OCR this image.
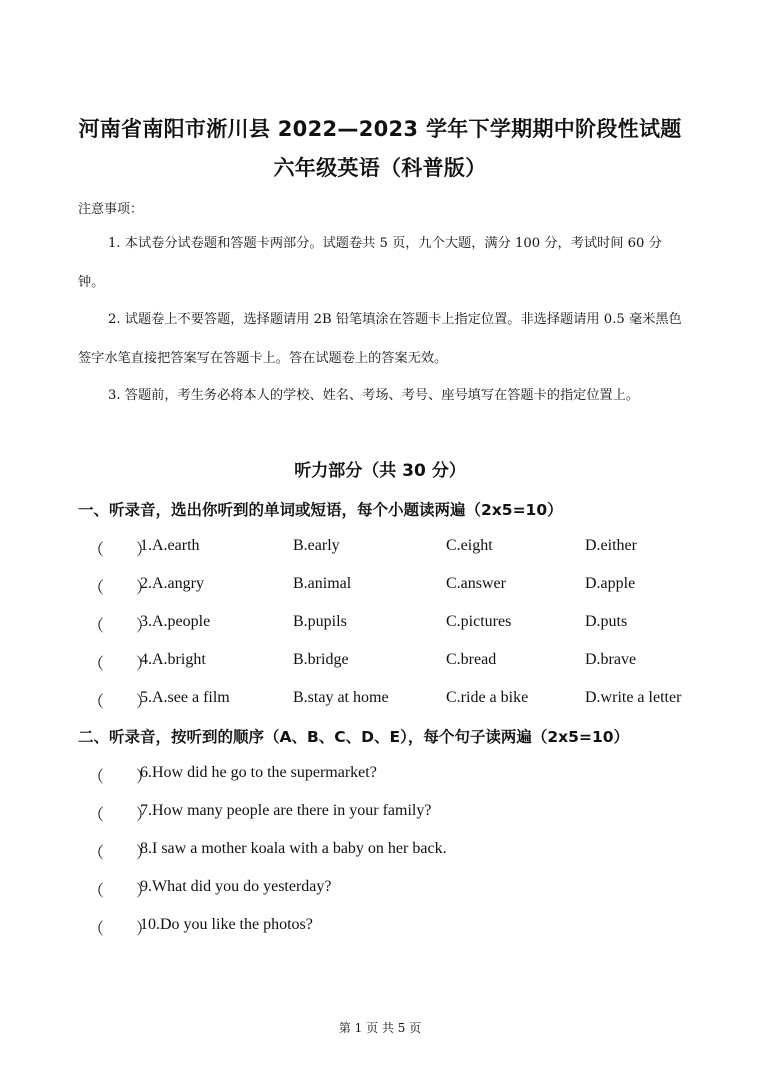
河南省南阳市淅川县 2022—2023 学年下学期期中阶段性试题
六年级英语（科普版）
注意事项：
1. 本试卷分试卷题和答题卡两部分。试题卷共 5 页，九个大题，满分 100 分，考试时间 60 分钟。
2. 试题卷上不要答题，选择题请用 2B 铅笔填涂在答题卡上指定位置。非选择题请用 0.5 毫米黑色签字水笔直接把答案写在答题卡上。答在试题卷上的答案无效。
3. 答题前，考生务必将本人的学校、姓名、考场、考号、座号填写在答题卡的指定位置上。
听力部分（共 30 分）
一、听录音，选出你听到的单词或短语，每个小题读两遍（2x5=10）
（　　）
1.A.earth	B.early	C.eight	D.either
（　　）
2.A.angry	B.animal	C.answer	D.apple
（　　）
3.A.people	B.pupils	C.pictures	D.puts
（　　）
4.A.bright	B.bridge	C.bread	D.brave
（　　）
5.A.see a film	B.stay at home	C.ride a bike	D.write a letter
二、听录音，按听到的顺序（A、B、C、D、E），每个句子读两遍（2x5=10）
（　　）
6.How did he go to the supermarket?
（　　）
7.How many people are there in your family?
（　　）
8.I saw a mother koala with a baby on her back.
（　　）
9.What did you do yesterday?
（　　）
10.Do you like the photos?
第 1 页 共 5 页
